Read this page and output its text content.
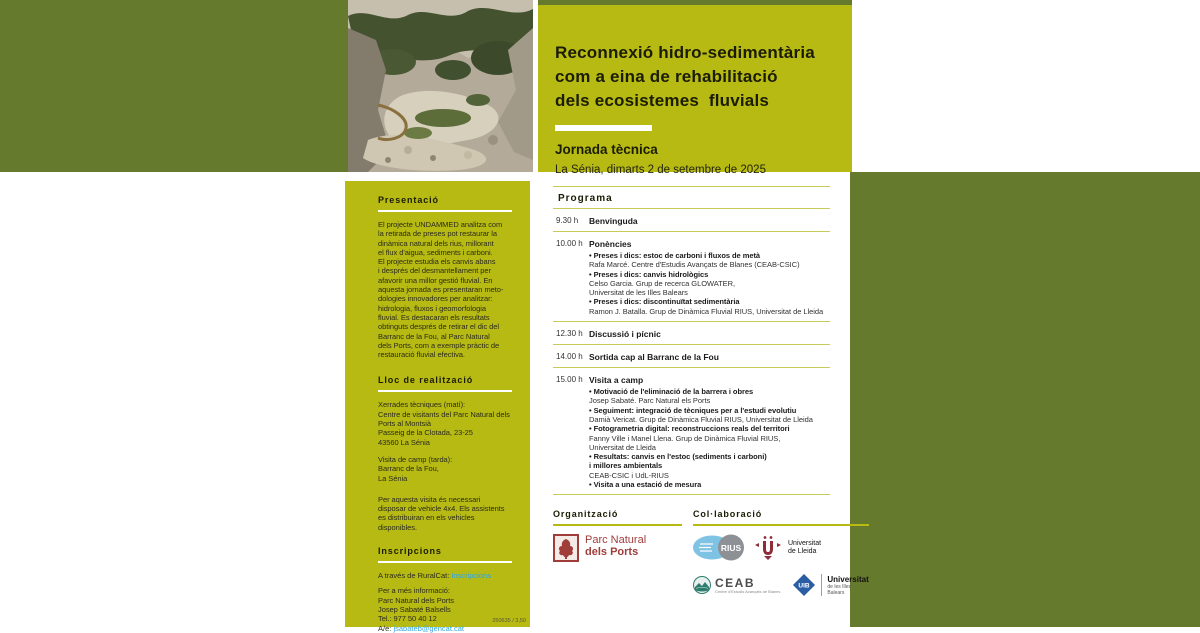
Reconnexió hidro-sedimentària
com a eina de rehabilitació
dels ecosistemes  fluvials
Jornada tècnica
La Sénia, dimarts 2 de setembre de 2025
Presentació
El projecte UNDAMMED analitza com
la retirada de preses pot restaurar la
dinàmica natural dels rius, millorant
el flux d'aigua, sediments i carboni.
El projecte estudia els canvis abans
i després del desmantellament per
afavorir una millor gestió fluvial. En
aquesta jornada es presentaran meto-
dologies innovadores per analitzar:
hidrologia, fluxos i geomorfologia
fluvial. Es destacaran els resultats
obtinguts després de retirar el dic del
Barranc de la Fou, al Parc Natural
dels Ports, com a exemple pràctic de
restauració fluvial efectiva.
Lloc de realització
Xerrades tècniques (matí):
Centre de visitants del Parc Natural dels
Ports al Montsià
Passeig de la Clotada, 23-25
43560 La Sénia
Visita de camp (tarda):
Barranc de la Fou,
La Sénia
Per aquesta visita és necessari
disposar de vehicle 4x4. Els assistents
es distribuiran en els vehicles
disponibles.
Inscripcions
A través de RuralCat: Inscripcions
Per a més informació:
Parc Natural dels Ports
Josep Sabaté Balsells
Tel.: 977 50 40 12
A/e: jsabateb@gencat.cat
250635 / 3,50
Programa
9.30 h	Benvinguda
10.00 h Ponències
• Preses i dics: estoc de carboni i fluxos de metà
Rafa Marcé. Centre d'Estudis Avançats de Blanes (CEAB-CSIC)
• Preses i dics: canvis hidrològics
Celso Garcia. Grup de recerca GLOWATER,
Universitat de les Illes Balears
• Preses i dics: discontinuïtat sedimentària
Ramon J. Batalla. Grup de Dinàmica Fluvial RIUS, Universitat de Lleida
12.30 h Discussió i pícnic
14.00 h Sortida cap al Barranc de la Fou
15.00 h Visita a camp
• Motivació de l'eliminació de la barrera i obres
Josep Sabaté. Parc Natural els Ports
• Seguiment: integració de tècniques per a l'estudi evolutiu
Damià Vericat. Grup de Dinàmica Fluvial RIUS, Universitat de Lleida
• Fotogrametria digital: reconstruccions reals del territori
Fanny Ville i Manel Llena. Grup de Dinàmica Fluvial RIUS,
Universitat de Lleida
• Resultats: canvis en l'estoc (sediments i carboni)
i millores ambientals
CEAB-CSIC i UdL-RIUS
• Visita a una estació de mesura
Organització
Parc Natural
dels Ports
Col·laboració
RIUS	Universitat
de Lleida
CEAB
Centre d'Estudis Avançats de Blanes
UIB
Universitat
de les Illes Balears
